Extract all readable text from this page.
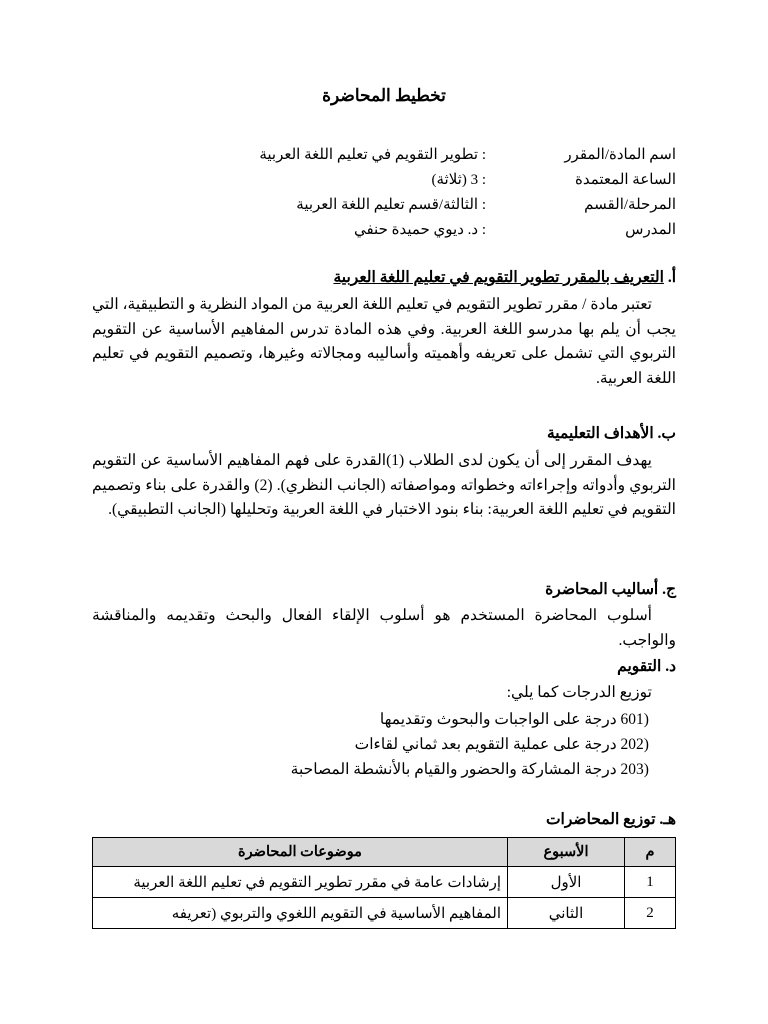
تخطيط المحاضرة
اسم المادة/المقرر
: تطوير التقويم في تعليم اللغة العربية
الساعة المعتمدة
: 3 (ثلاثة)
المرحلة/القسم
: الثالثة/قسم تعليم اللغة العربية
المدرس
: د. ديوي حميدة حنفي
أ. التعريف بالمقرر تطوير التقويم في تعليم اللغة العربية
تعتبر مادة / مقرر تطوير التقويم في تعليم اللغة العربية من المواد النظرية و التطبيقية، التي يجب أن يلم بها مدرسو اللغة العربية. وفي هذه المادة تدرس المفاهيم الأساسية عن التقويم التربوي التي تشمل على تعريفه وأهميته وأساليبه ومجالاته وغيرها، وتصميم التقويم في تعليم اللغة العربية.
ب. الأهداف التعليمية
يهدف المقرر إلى أن يكون لدى الطلاب (1)القدرة على فهم المفاهيم الأساسية عن التقويم التربوي وأدواته وإجراءاته وخطواته ومواصفاته (الجانب النظري). (2) والقدرة على بناء وتصميم التقويم في تعليم اللغة العربية: بناء بنود الاختبار في اللغة العربية وتحليلها (الجانب التطبيقي).
ج. أساليب المحاضرة
أسلوب المحاضرة المستخدم هو أسلوب الإلقاء الفعال والبحث وتقديمه والمناقشة والواجب.
د. التقويم
توزيع الدرجات كما يلي:
1)60 درجة على الواجبات والبحوث وتقديمها
2)20 درجة على عملية التقويم بعد ثماني لقاءات
3)20 درجة المشاركة والحضور والقيام بالأنشطة المصاحبة
هـ. توزيع المحاضرات
م	الأسبوع	موضوعات المحاضرة
1	الأول	إرشادات عامة في مقرر تطوير التقويم في تعليم اللغة العربية
2	الثاني	المفاهيم الأساسية في التقويم اللغوي والتربوي (تعريفه
